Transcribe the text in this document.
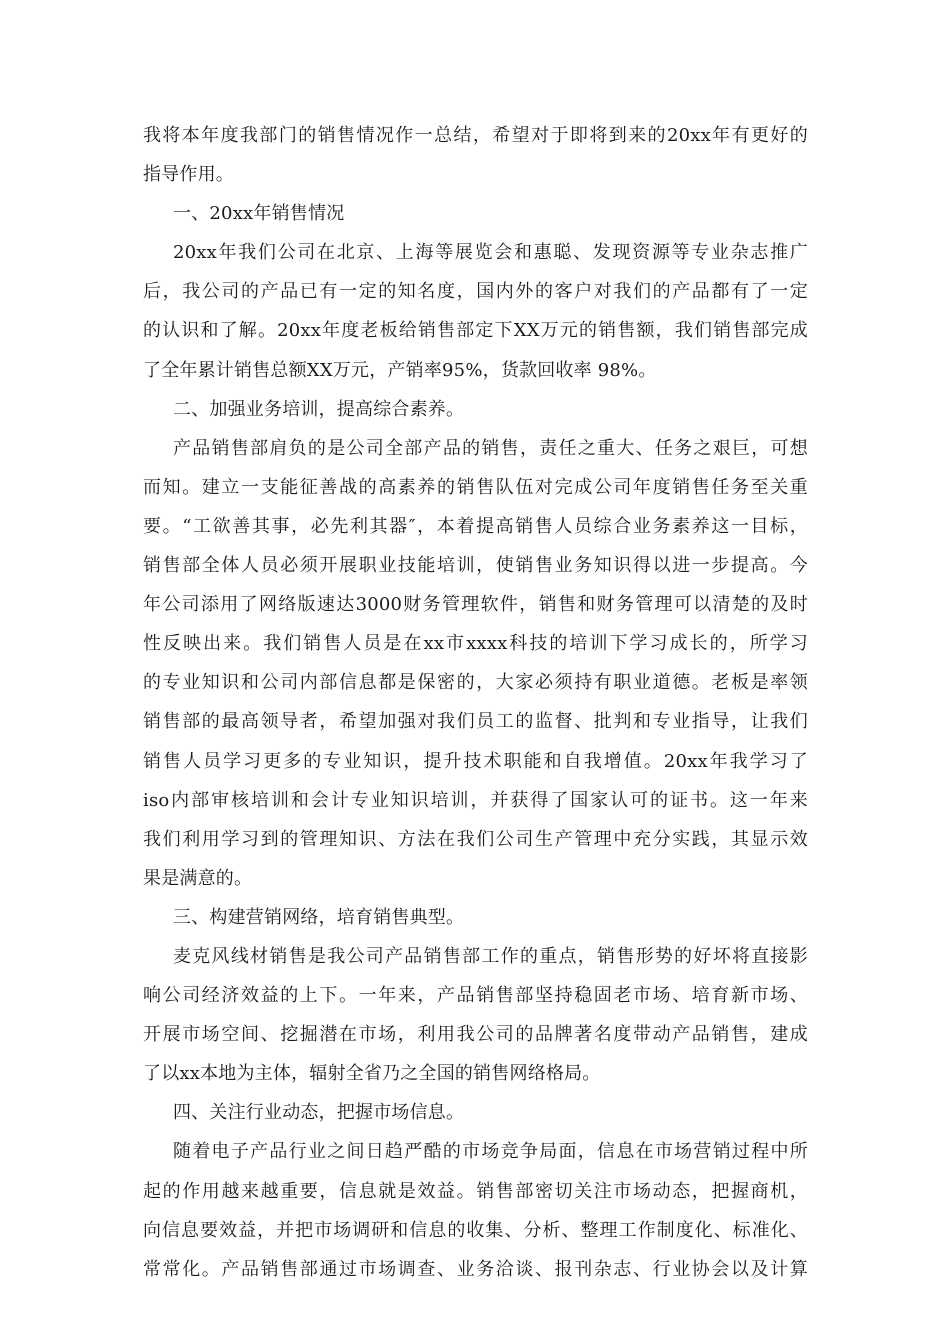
我将本年度我部门的销售情况作一总结，希望对于即将到来的20xx年有更好的
指导作用。
一、20xx年销售情况
20xx年我们公司在北京、上海等展览会和惠聪、发现资源等专业杂志推广
后，我公司的产品已有一定的知名度，国内外的客户对我们的产品都有了一定
的认识和了解。20xx年度老板给销售部定下XX万元的销售额，我们销售部完成
了全年累计销售总额XX万元，产销率95%，货款回收率 98%。
二、加强业务培训，提高综合素养。
产品销售部肩负的是公司全部产品的销售，责任之重大、任务之艰巨，可想
而知。建立一支能征善战的高素养的销售队伍对完成公司年度销售任务至关重
要。“工欲善其事，必先利其器″，本着提高销售人员综合业务素养这一目标，
销售部全体人员必须开展职业技能培训，使销售业务知识得以进一步提高。今
年公司添用了网络版速达3000财务管理软件，销售和财务管理可以清楚的及时
性反映出来。我们销售人员是在xx市xxxx科技的培训下学习成长的，所学习
的专业知识和公司内部信息都是保密的，大家必须持有职业道德。老板是率领
销售部的最高领导者，希望加强对我们员工的监督、批判和专业指导，让我们
销售人员学习更多的专业知识，提升技术职能和自我增值。20xx年我学习了
iso内部审核培训和会计专业知识培训，并获得了国家认可的证书。这一年来
我们利用学习到的管理知识、方法在我们公司生产管理中充分实践，其显示效
果是满意的。
三、构建营销网络，培育销售典型。
麦克风线材销售是我公司产品销售部工作的重点，销售形势的好坏将直接影
响公司经济效益的上下。一年来，产品销售部坚持稳固老市场、培育新市场、
开展市场空间、挖掘潜在市场，利用我公司的品牌著名度带动产品销售，建成
了以xx本地为主体，辐射全省乃之全国的销售网络格局。
四、关注行业动态，把握市场信息。
随着电子产品行业之间日趋严酷的市场竞争局面，信息在市场营销过程中所
起的作用越来越重要，信息就是效益。销售部密切关注市场动态，把握商机，
向信息要效益，并把市场调研和信息的收集、分析、整理工作制度化、标准化、
常常化。产品销售部通过市场调查、业务洽谈、报刊杂志、行业协会以及计算
